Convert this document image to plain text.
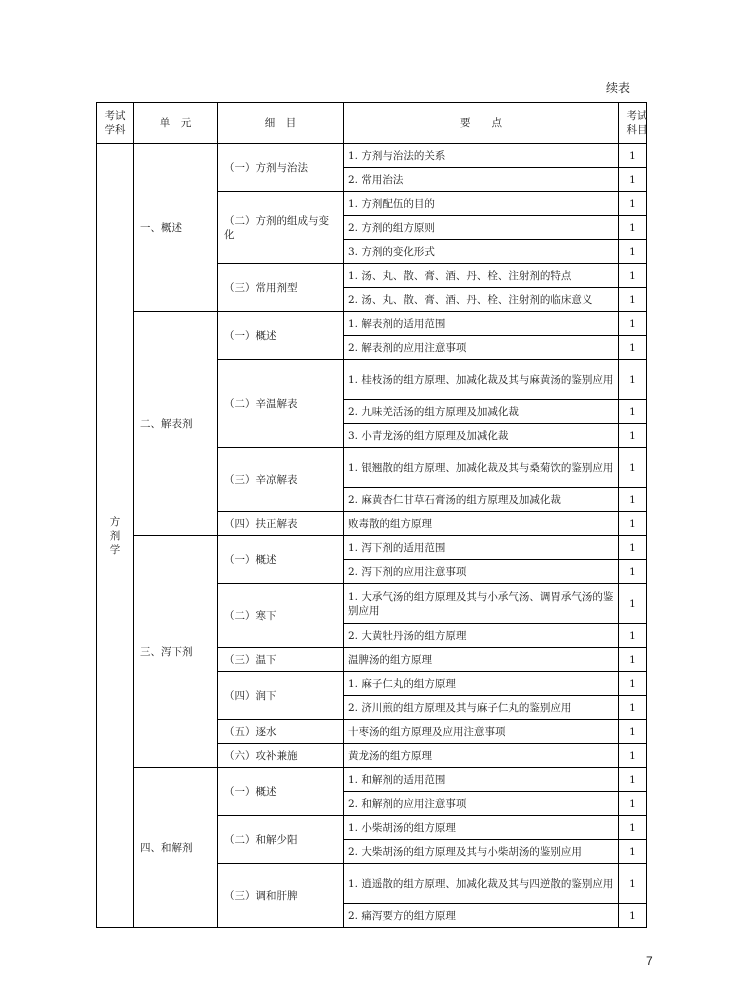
续表
考试学科	单　元	细　目	要　　点	考试科目
方剂学	一、概述	（一）方剂与治法	1. 方剂与治法的关系	1
			2. 常用治法	1
		（二）方剂的组成与变化	1. 方剂配伍的目的	1
			2. 方剂的组方原则	1
			3. 方剂的变化形式	1
		（三）常用剂型	1. 汤、丸、散、膏、酒、丹、栓、注射剂的特点	1
			2. 汤、丸、散、膏、酒、丹、栓、注射剂的临床意义	1
	二、解表剂	（一）概述	1. 解表剂的适用范围	1
			2. 解表剂的应用注意事项	1
		（二）辛温解表	1. 桂枝汤的组方原理、加减化裁及其与麻黄汤的鉴别应用	1
			2. 九味羌活汤的组方原理及加减化裁	1
			3. 小青龙汤的组方原理及加减化裁	1
		（三）辛凉解表	1. 银翘散的组方原理、加减化裁及其与桑菊饮的鉴别应用	1
			2. 麻黄杏仁甘草石膏汤的组方原理及加减化裁	1
		（四）扶正解表	败毒散的组方原理	1
	三、泻下剂	（一）概述	1. 泻下剂的适用范围	1
			2. 泻下剂的应用注意事项	1
		（二）寒下	1. 大承气汤的组方原理及其与小承气汤、调胃承气汤的鉴别应用	1
			2. 大黄牡丹汤的组方原理	1
		（三）温下	温脾汤的组方原理	1
		（四）润下	1. 麻子仁丸的组方原理	1
			2. 济川煎的组方原理及其与麻子仁丸的鉴别应用	1
		（五）逐水	十枣汤的组方原理及应用注意事项	1
		（六）攻补兼施	黄龙汤的组方原理	1
	四、和解剂	（一）概述	1. 和解剂的适用范围	1
			2. 和解剂的应用注意事项	1
		（二）和解少阳	1. 小柴胡汤的组方原理	1
			2. 大柴胡汤的组方原理及其与小柴胡汤的鉴别应用	1
		（三）调和肝脾	1. 逍遥散的组方原理、加减化裁及其与四逆散的鉴别应用	1
			2. 痛泻要方的组方原理	1
7
